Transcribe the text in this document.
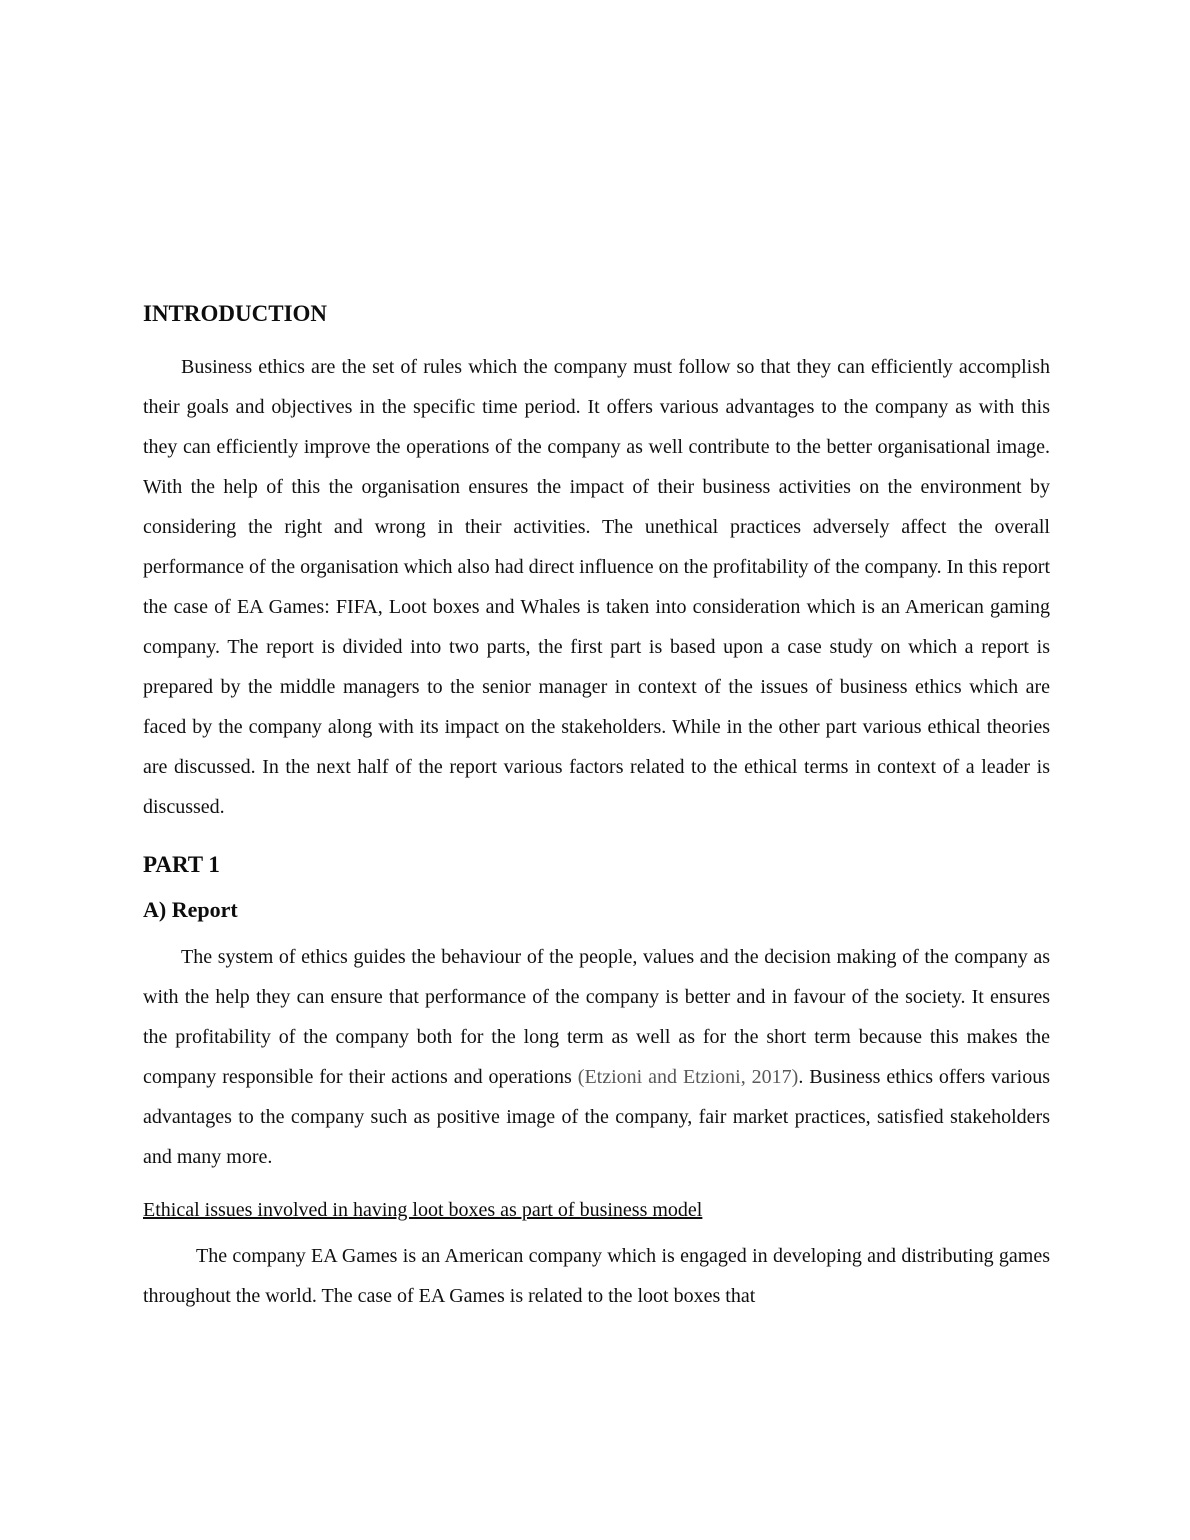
INTRODUCTION

Business ethics are the set of rules which the company must follow so that they can efficiently accomplish their goals and objectives in the specific time period. It offers various advantages to the company as with this they can efficiently improve the operations of the company as well contribute to the better organisational image. With the help of this the organisation ensures the impact of their business activities on the environment by considering the right and wrong in their activities. The unethical practices adversely affect the overall performance of the organisation which also had direct influence on the profitability of the company. In this report the case of EA Games: FIFA, Loot boxes and Whales is taken into consideration which is an American gaming company. The report is divided into two parts, the first part is based upon a case study on which a report is prepared by the middle managers to the senior manager in context of the issues of business ethics which are faced by the company along with its impact on the stakeholders. While in the other part various ethical theories are discussed. In the next half of the report various factors related to the ethical terms in context of a leader is discussed.

PART 1
A) Report

The system of ethics guides the behaviour of the people, values and the decision making of the company as with the help they can ensure that performance of the company is better and in favour of the society. It ensures the profitability of the company both for the long term as well as for the short term because this makes the company responsible for their actions and operations (Etzioni and Etzioni, 2017). Business ethics offers various advantages to the company such as positive image of the company, fair market practices, satisfied stakeholders and many more.

Ethical issues involved in having loot boxes as part of business model

The company EA Games is an American company which is engaged in developing and distributing games throughout the world. The case of EA Games is related to the loot boxes that
